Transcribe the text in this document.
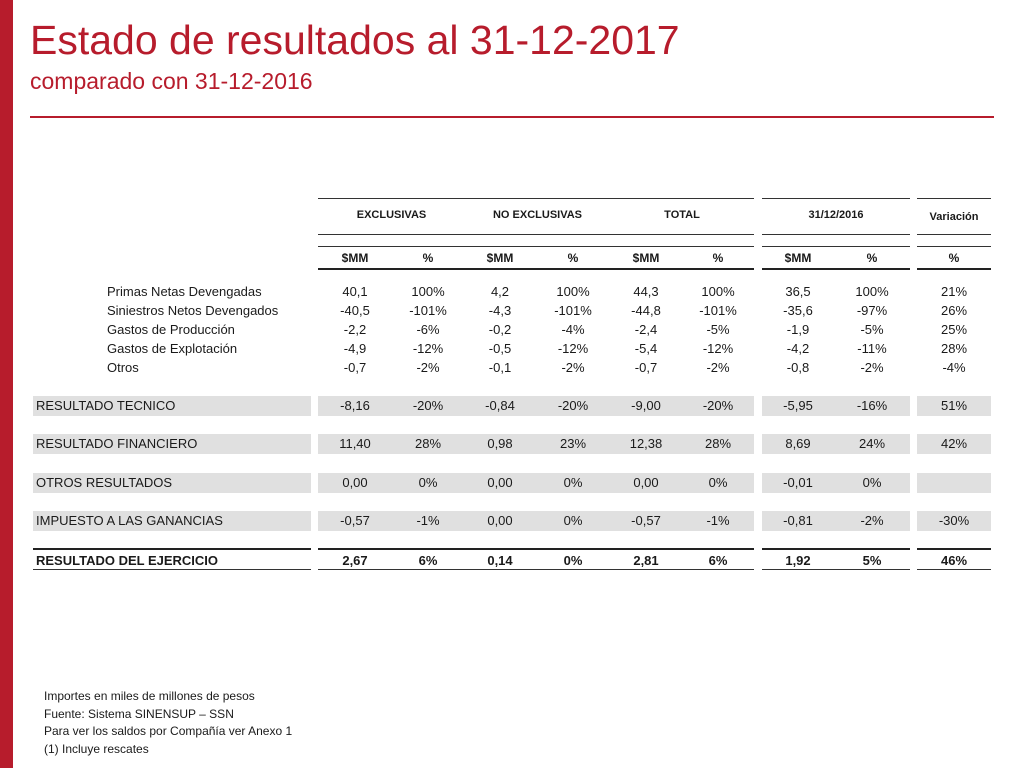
Estado de resultados al 31-12-2017
comparado con 31-12-2016
EXCLUSIVAS	NO EXCLUSIVAS	TOTAL	31/12/2016	Variación
$MM	%	$MM	%	$MM	%	$MM	%	%
Primas Netas Devengadas	40,1	100%	4,2	100%	44,3	100%	36,5	100%	21%
Siniestros Netos Devengados	-40,5	-101%	-4,3	-101%	-44,8	-101%	-35,6	-97%	26%
Gastos de Producción	-2,2	-6%	-0,2	-4%	-2,4	-5%	-1,9	-5%	25%
Gastos de Explotación	-4,9	-12%	-0,5	-12%	-5,4	-12%	-4,2	-11%	28%
Otros	-0,7	-2%	-0,1	-2%	-0,7	-2%	-0,8	-2%	-4%
RESULTADO TECNICO	-8,16	-20%	-0,84	-20%	-9,00	-20%	-5,95	-16%	51%
RESULTADO FINANCIERO	11,40	28%	0,98	23%	12,38	28%	8,69	24%	42%
OTROS RESULTADOS	0,00	0%	0,00	0%	0,00	0%	-0,01	0%
IMPUESTO A LAS GANANCIAS	-0,57	-1%	0,00	0%	-0,57	-1%	-0,81	-2%	-30%
RESULTADO DEL EJERCICIO	2,67	6%	0,14	0%	2,81	6%	1,92	5%	46%
Importes en miles de millones de pesos
Fuente: Sistema SINENSUP – SSN
Para ver los saldos por Compañía ver Anexo 1
(1) Incluye rescates
